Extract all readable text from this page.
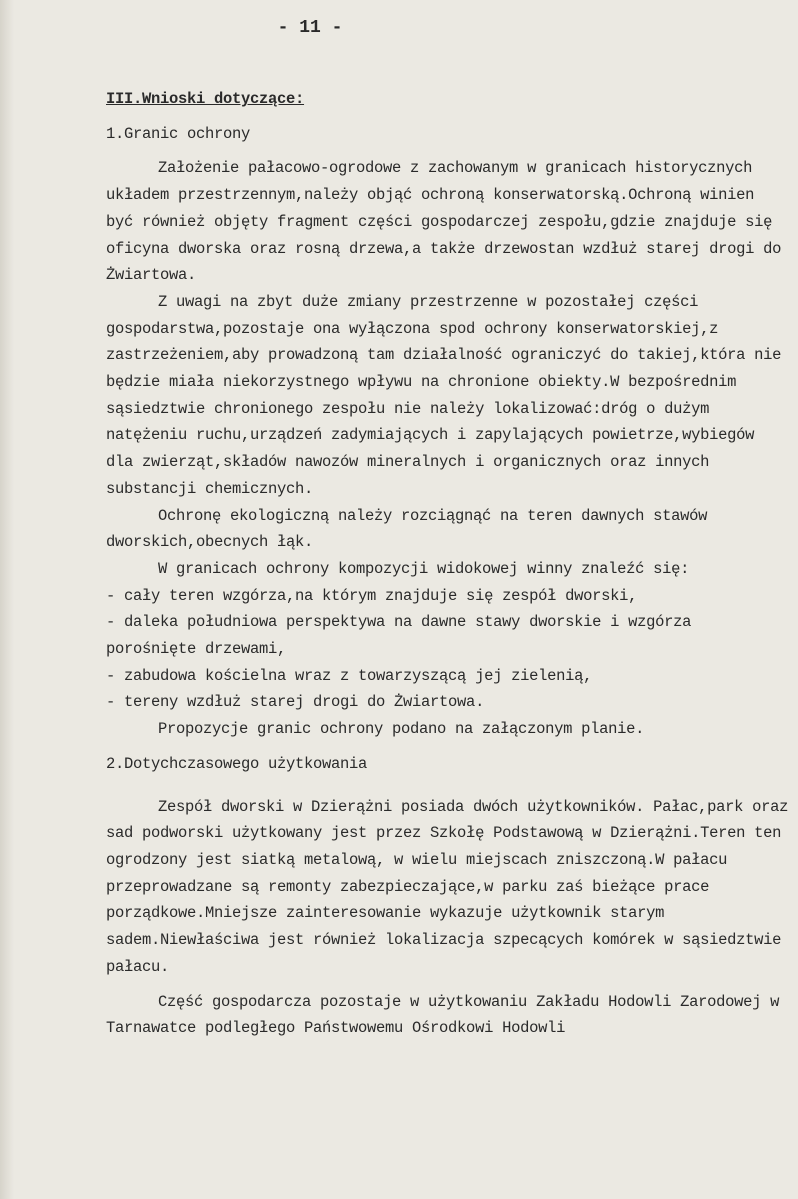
- 11 -

III.Wnioski dotyczące:

1.Granic ochrony

Założenie pałacowo-ogrodowe z zachowanym w granicach historycznych układem przestrzennym,należy objąć ochroną konserwatorską.Ochroną winien być również objęty fragment części gospodarczej zespołu,gdzie znajduje się oficyna dworska oraz rosną drzewa,a także drzewostan wzdłuż starej drogi do Żwiartowa.

Z uwagi na zbyt duże zmiany przestrzenne w pozostałej części gospodarstwa,pozostaje ona wyłączona spod ochrony konserwatorskiej,z zastrzeżeniem,aby prowadzoną tam działalność ograniczyć do takiej,która nie będzie miała niekorzystnego wpływu na chronione obiekty.W bezpośrednim sąsiedztwie chronionego zespołu nie należy lokalizować:dróg o dużym natężeniu ruchu,urządzeń zadymiających i zapylających powietrze,wybiegów dla zwierząt,składów nawozów mineralnych i organicznych oraz innych substancji chemicznych.

Ochronę ekologiczną należy rozciągnąć na teren dawnych stawów dworskich,obecnych łąk.

W granicach ochrony kompozycji widokowej winny znaleźć się:

- cały teren wzgórza,na którym znajduje się zespół dworski,
- daleka południowa perspektywa na dawne stawy dworskie i wzgórza porośnięte drzewami,
- zabudowa kościelna wraz z towarzyszącą jej zielenią,
- tereny wzdłuż starej drogi do Żwiartowa.

Propozycje granic ochrony podano na załączonym planie.

2.Dotychczasowego użytkowania

Zespół dworski w Dzierążni posiada dwóch użytkowników. Pałac,park oraz sad podworski użytkowany jest przez Szkołę Podstawową w Dzierążni.Teren ten ogrodzony jest siatką metalową, w wielu miejscach zniszczoną.W pałacu przeprowadzane są remonty zabezpieczające,w parku zaś bieżące prace porządkowe.Mniejsze zainteresowanie wykazuje użytkownik starym sadem.Niewłaściwa jest również lokalizacja szpecących komórek w sąsiedztwie pałacu.

Część gospodarcza pozostaje w użytkowaniu Zakładu Hodowli Zarodowej w Tarnawatce podległego Państwowemu Ośrodkowi Hodowli
